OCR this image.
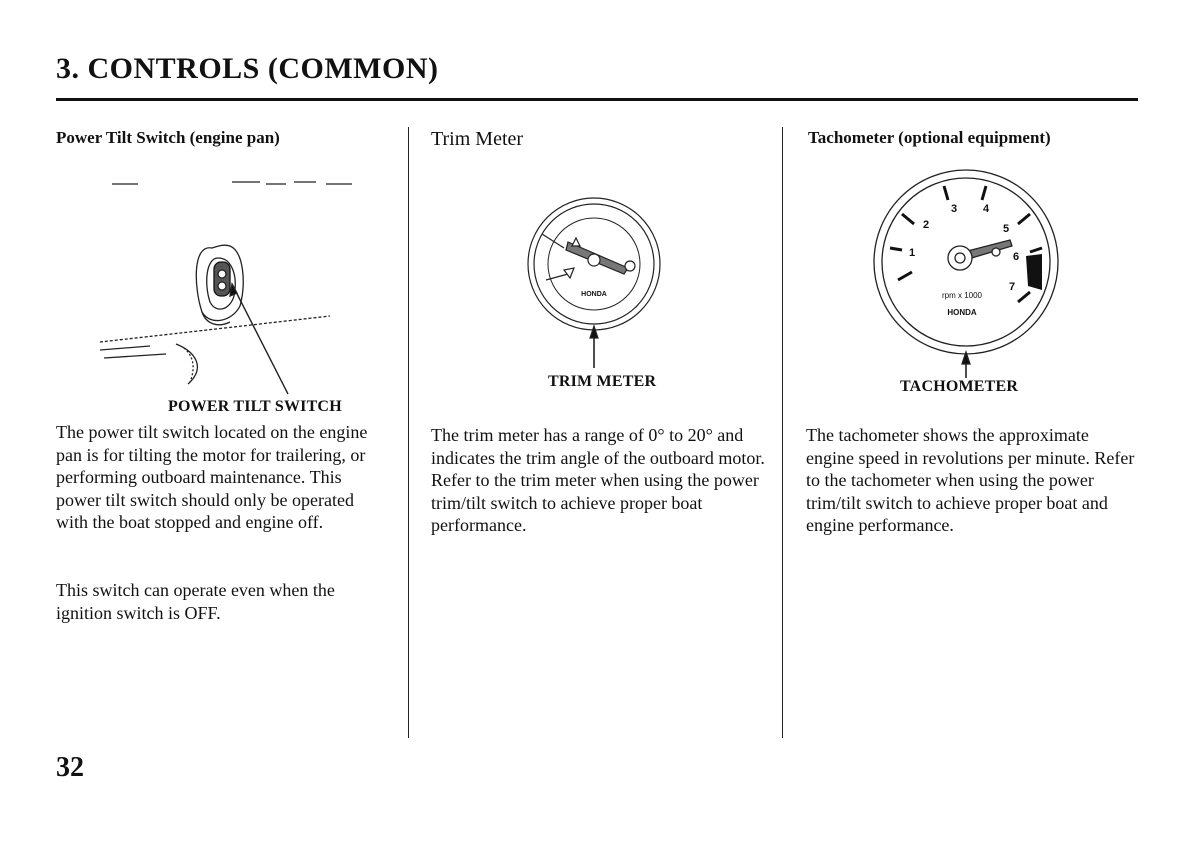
3. CONTROLS (COMMON)
Power Tilt Switch (engine pan)
POWER TILT SWITCH

The power tilt switch located on the engine pan is for tilting the motor for trailering, or performing outboard maintenance. This power tilt switch should only be operated with the boat stopped and engine off.

This switch can operate even when the ignition switch is OFF.

Trim Meter
HONDA
TRIM METER

The trim meter has a range of 0° to 20° and indicates the trim angle of the outboard motor. Refer to the trim meter when using the power trim/tilt switch to achieve proper boat performance.

Tachometer (optional equipment)
1
2
3 4
5
6
7
rpm x 1000
HONDA
TACHOMETER

The tachometer shows the approximate engine speed in revolutions per minute. Refer to the tachometer when using the power trim/tilt switch to achieve proper boat and engine performance.

32
